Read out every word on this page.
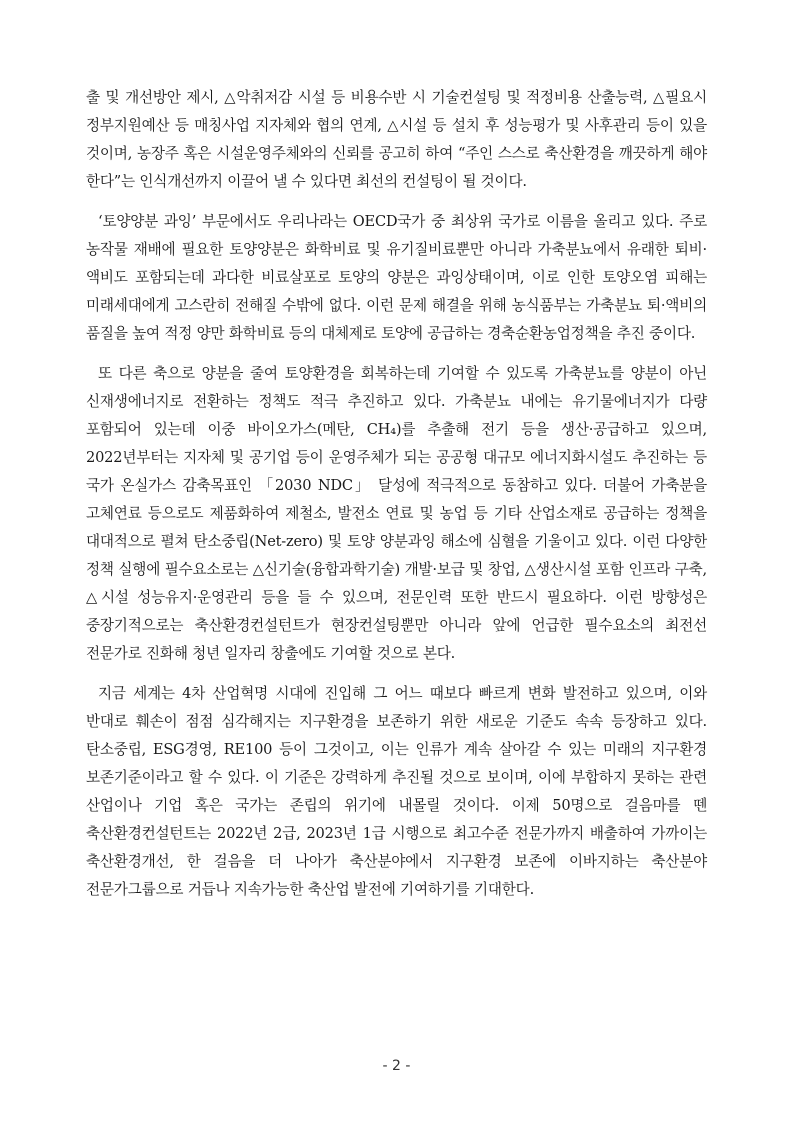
출 및 개선방안 제시, △악취저감 시설 등 비용수반 시 기술컨설팅 및 적정비용 산출능력, △필요시 정부지원예산 등 매칭사업 지자체와 협의 연계, △시설 등 설치 후 성능평가 및 사후관리 등이 있을 것이며, 농장주 혹은 시설운영주체와의 신뢰를 공고히 하여 “주인 스스로 축산환경을 깨끗하게 해야 한다”는 인식개선까지 이끌어 낼 수 있다면 최선의 컨설팅이 될 것이다.

‘토양양분 과잉’ 부문에서도 우리나라는 OECD국가 중 최상위 국가로 이름을 올리고 있다. 주로 농작물 재배에 필요한 토양양분은 화학비료 및 유기질비료뿐만 아니라 가축분뇨에서 유래한 퇴비·액비도 포함되는데 과다한 비료살포로 토양의 양분은 과잉상태이며, 이로 인한 토양오염 피해는 미래세대에게 고스란히 전해질 수밖에 없다. 이런 문제 해결을 위해 농식품부는 가축분뇨 퇴·액비의 품질을 높여 적정 양만 화학비료 등의 대체제로 토양에 공급하는 경축순환농업정책을 추진 중이다.

또 다른 축으로 양분을 줄여 토양환경을 회복하는데 기여할 수 있도록 가축분뇨를 양분이 아닌 신재생에너지로 전환하는 정책도 적극 추진하고 있다. 가축분뇨 내에는 유기물에너지가 다량 포함되어 있는데 이중 바이오가스(메탄, CH₄)를 추출해 전기 등을 생산·공급하고 있으며, 2022년부터는 지자체 및 공기업 등이 운영주체가 되는 공공형 대규모 에너지화시설도 추진하는 등 국가 온실가스 감축목표인 「2030 NDC」 달성에 적극적으로 동참하고 있다. 더불어 가축분을 고체연료 등으로도 제품화하여 제철소, 발전소 연료 및 농업 등 기타 산업소재로 공급하는 정책을 대대적으로 펼쳐 탄소중립(Net-zero) 및 토양 양분과잉 해소에 심혈을 기울이고 있다. 이런 다양한 정책 실행에 필수요소로는 △신기술(융합과학기술) 개발·보급 및 창업, △생산시설 포함 인프라 구축, △시설 성능유지·운영관리 등을 들 수 있으며, 전문인력 또한 반드시 필요하다. 이런 방향성은 중장기적으로는 축산환경컨설턴트가 현장컨설팅뿐만 아니라 앞에 언급한 필수요소의 최전선 전문가로 진화해 청년 일자리 창출에도 기여할 것으로 본다.

지금 세계는 4차 산업혁명 시대에 진입해 그 어느 때보다 빠르게 변화 발전하고 있으며, 이와 반대로 훼손이 점점 심각해지는 지구환경을 보존하기 위한 새로운 기준도 속속 등장하고 있다. 탄소중립, ESG경영, RE100 등이 그것이고, 이는 인류가 계속 살아갈 수 있는 미래의 지구환경 보존기준이라고 할 수 있다. 이 기준은 강력하게 추진될 것으로 보이며, 이에 부합하지 못하는 관련 산업이나 기업 혹은 국가는 존립의 위기에 내몰릴 것이다. 이제 50명으로 걸음마를 뗀 축산환경컨설턴트는 2022년 2급, 2023년 1급 시행으로 최고수준 전문가까지 배출하여 가까이는 축산환경개선, 한 걸음을 더 나아가 축산분야에서 지구환경 보존에 이바지하는 축산분야 전문가그룹으로 거듭나 지속가능한 축산업 발전에 기여하기를 기대한다.

- 2 -
